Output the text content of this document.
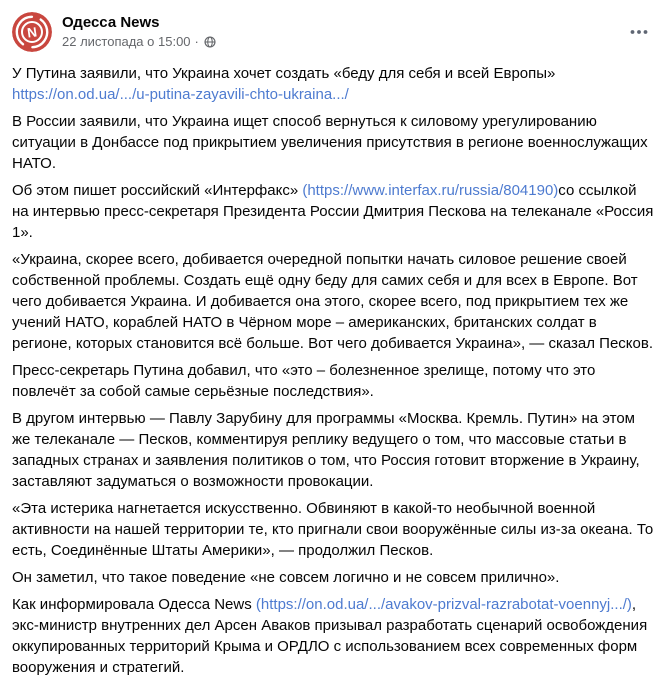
N
Одесса News
22 листопада о 15:00 ·

У Путина заявили, что Украина хочет создать «беду для себя и всей Европы»
https://on.od.ua/.../u-putina-zayavili-chto-ukraina.../

В России заявили, что Украина ищет способ вернуться к силовому урегулированию ситуации в Донбассе под прикрытием увеличения присутствия в регионе военнослужащих НАТО.

Об этом пишет российский «Интерфакс» (https://www.interfax.ru/russia/804190)со ссылкой на интервью пресс-секретаря Президента России Дмитрия Пескова на телеканале «Россия 1».

«Украина, скорее всего, добивается очередной попытки начать силовое решение своей собственной проблемы. Создать ещё одну беду для самих себя и для всех в Европе. Вот чего добивается Украина. И добивается она этого, скорее всего, под прикрытием тех же учений НАТО, кораблей НАТО в Чёрном море – американских, британских солдат в регионе, которых становится всё больше. Вот чего добивается Украина», — сказал Песков.

Пресс-секретарь Путина добавил, что «это – болезненное зрелище, потому что это повлечёт за собой самые серьёзные последствия».

В другом интервью — Павлу Зарубину для программы «Москва. Кремль. Путин» на этом же телеканале — Песков, комментируя реплику ведущего о том, что массовые статьи в западных странах и заявления политиков о том, что Россия готовит вторжение в Украину, заставляют задуматься о возможности провокации.

«Эта истерика нагнетается искусственно. Обвиняют в какой-то необычной военной активности на нашей территории те, кто пригнали свои вооружённые силы из-за океана. То есть, Соединённые Штаты Америки», — продолжил Песков.

Он заметил, что такое поведение «не совсем логично и не совсем прилично».

Как информировала Одесса News (https://on.od.ua/.../avakov-prizval-razrabotat-voennyj.../), экс-министр внутренних дел Арсен Аваков призывал разработать сценарий освобождения оккупированных территорий Крыма и ОРДЛО с использованием всех современных форм вооружения и стратегий.
